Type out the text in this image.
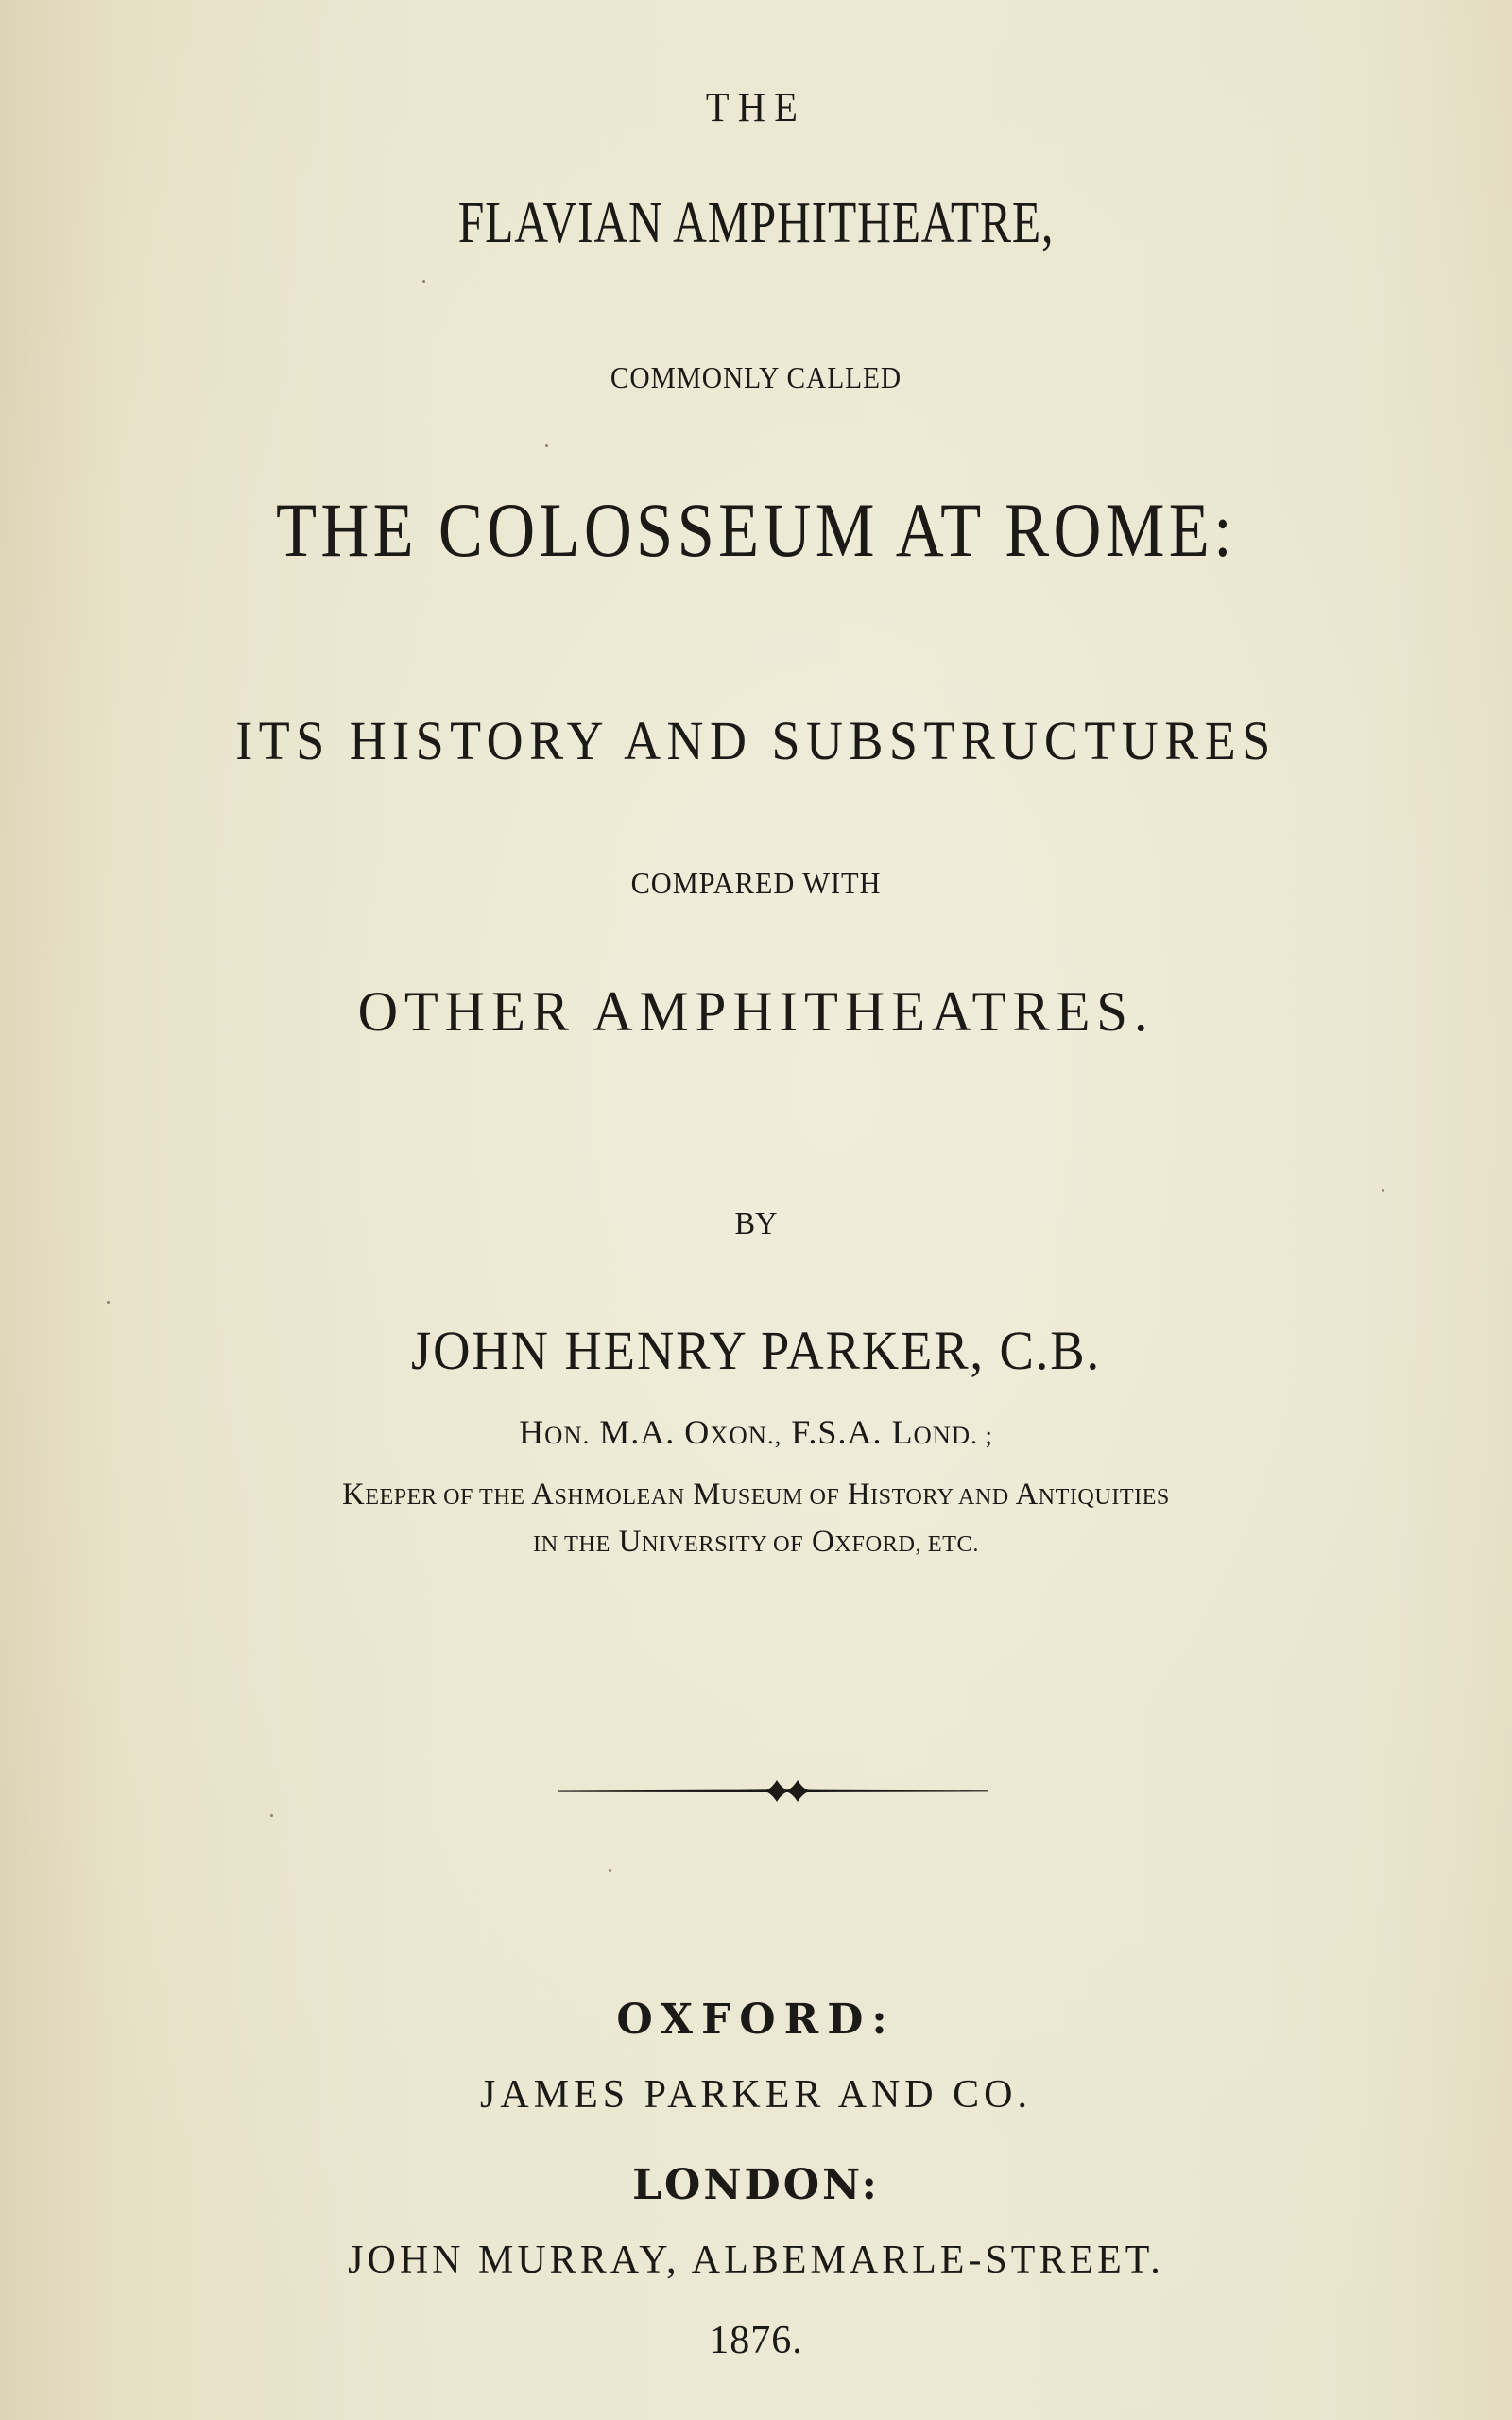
THE
FLAVIAN AMPHITHEATRE,
COMMONLY CALLED
THE COLOSSEUM AT ROME:
ITS HISTORY AND SUBSTRUCTURES
COMPARED WITH
OTHER AMPHITHEATRES.
BY
JOHN HENRY PARKER, C.B.
HON. M.A. OXON., F.S.A. LOND. ;
KEEPER OF THE ASHMOLEAN MUSEUM OF HISTORY AND ANTIQUITIES
IN THE UNIVERSITY OF OXFORD, ETC.
OXFORD:
JAMES PARKER AND CO.
LONDON:
JOHN MURRAY, ALBEMARLE-STREET.
1876.
